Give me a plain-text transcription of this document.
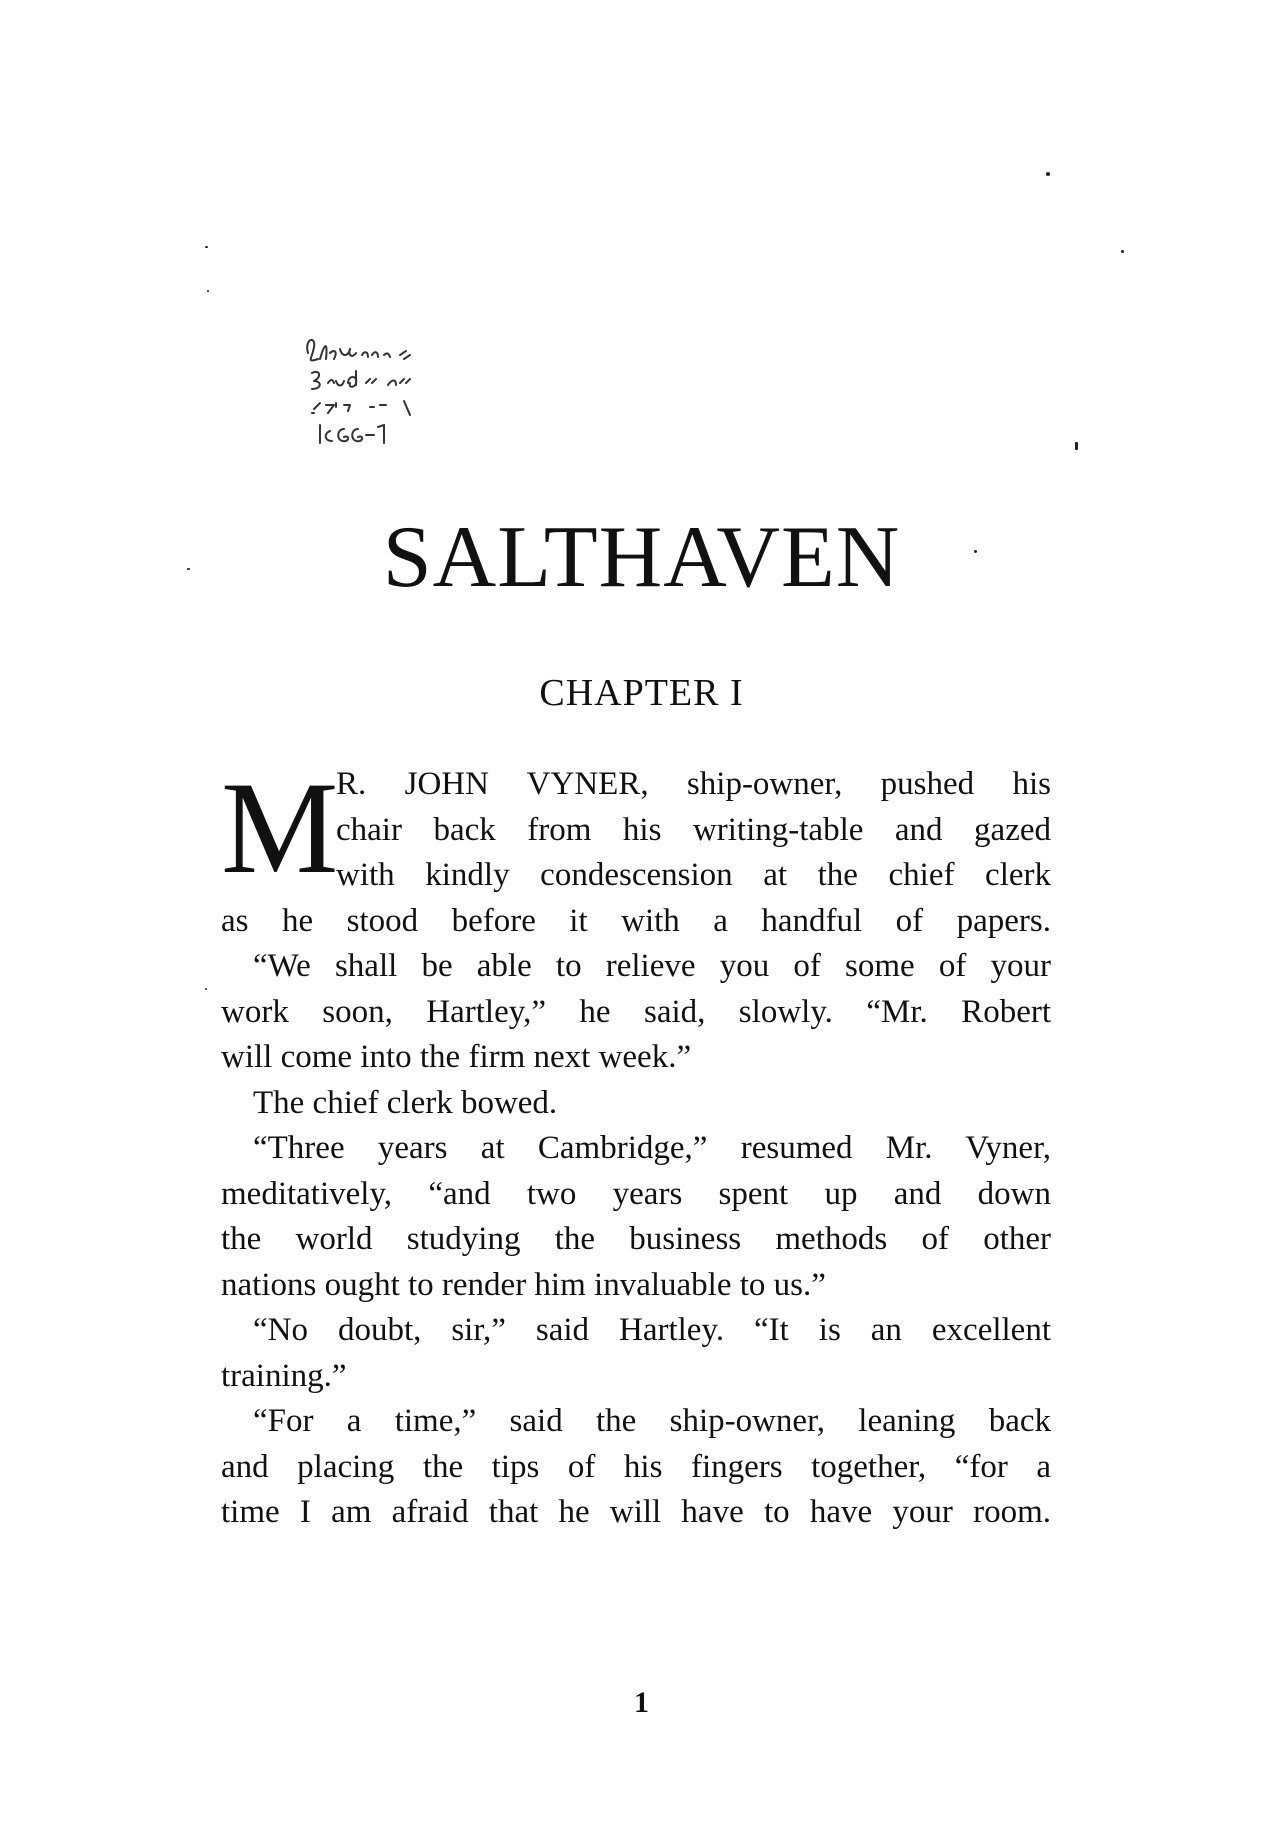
SALTHAVEN
CHAPTER I
M
R. JOHN VYNER, ship-owner, pushed his
chair back from his writing-table and gazed
with kindly condescension at the chief clerk
as he stood before it with a handful of papers.
“We shall be able to relieve you of some of your
work soon, Hartley,” he said, slowly. “Mr. Robert
will come into the firm next week.”
The chief clerk bowed.
“Three years at Cambridge,” resumed Mr. Vyner,
meditatively, “and two years spent up and down
the world studying the business methods of other
nations ought to render him invaluable to us.”
“No doubt, sir,” said Hartley. “It is an excellent
training.”
“For a time,” said the ship-owner, leaning back
and placing the tips of his fingers together, “for a
time I am afraid that he will have to have your room.
1
